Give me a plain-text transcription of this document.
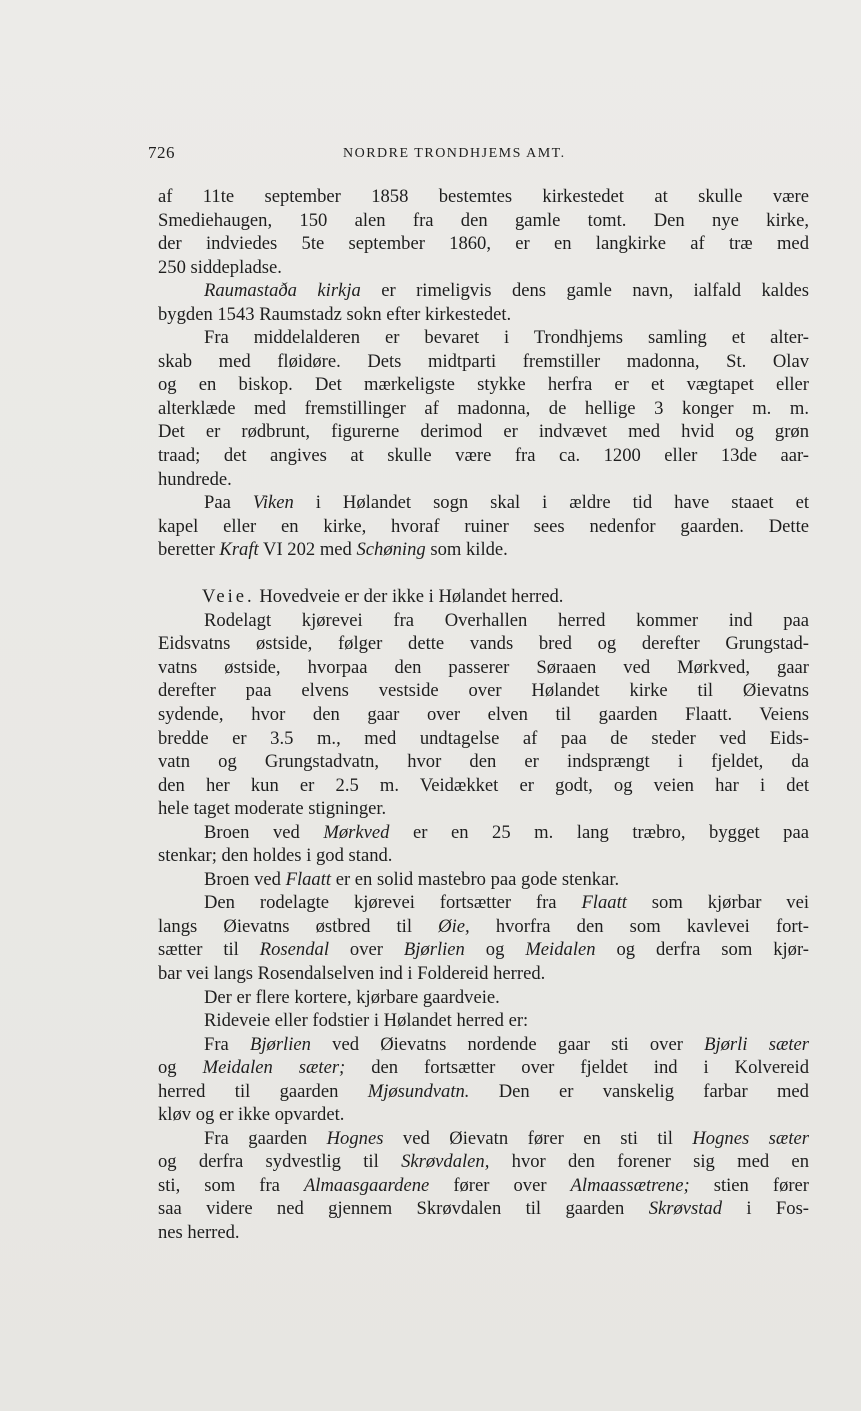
726	NORDRE TRONDHJEMS AMT.
af 11te september 1858 bestemtes kirkestedet at skulle være
Smediehaugen, 150 alen fra den gamle tomt. Den nye kirke,
der indviedes 5te september 1860, er en langkirke af træ med
250 siddepladse.
Raumastaða kirkja er rimeligvis dens gamle navn, ialfald kaldes
bygden 1543 Raumstadz sokn efter kirkestedet.
Fra middelalderen er bevaret i Trondhjems samling et alter-
skab med fløidøre. Dets midtparti fremstiller madonna, St. Olav
og en biskop. Det mærkeligste stykke herfra er et vægtapet eller
alterklæde med fremstillinger af madonna, de hellige 3 konger m. m.
Det er rødbrunt, figurerne derimod er indvævet med hvid og grøn
traad; det angives at skulle være fra ca. 1200 eller 13de aar-
hundrede.
Paa Viken i Hølandet sogn skal i ældre tid have staaet et
kapel eller en kirke, hvoraf ruiner sees nedenfor gaarden. Dette
beretter Kraft VI 202 med Schøning som kilde.
Veie. Hovedveie er der ikke i Hølandet herred.
Rodelagt kjørevei fra Overhallen herred kommer ind paa
Eidsvatns østside, følger dette vands bred og derefter Grungstad-
vatns østside, hvorpaa den passerer Søraaen ved Mørkved, gaar
derefter paa elvens vestside over Hølandet kirke til Øievatns
sydende, hvor den gaar over elven til gaarden Flaatt. Veiens
bredde er 3.5 m., med undtagelse af paa de steder ved Eids-
vatn og Grungstadvatn, hvor den er indsprængt i fjeldet, da
den her kun er 2.5 m. Veidækket er godt, og veien har i det
hele taget moderate stigninger.
Broen ved Mørkved er en 25 m. lang træbro, bygget paa
stenkar; den holdes i god stand.
Broen ved Flaatt er en solid mastebro paa gode stenkar.
Den rodelagte kjørevei fortsætter fra Flaatt som kjørbar vei
langs Øievatns østbred til Øie, hvorfra den som kavlevei fort-
sætter til Rosendal over Bjørlien og Meidalen og derfra som kjør-
bar vei langs Rosendalselven ind i Foldereid herred.
Der er flere kortere, kjørbare gaardveie.
Rideveie eller fodstier i Hølandet herred er:
Fra Bjørlien ved Øievatns nordende gaar sti over Bjørli sæter
og Meidalen sæter; den fortsætter over fjeldet ind i Kolvereid
herred til gaarden Mjøsundvatn. Den er vanskelig farbar med
kløv og er ikke opvardet.
Fra gaarden Hognes ved Øievatn fører en sti til Hognes sæter
og derfra sydvestlig til Skrøvdalen, hvor den forener sig med en
sti, som fra Almaasgaardene fører over Almaassætrene; stien fører
saa videre ned gjennem Skrøvdalen til gaarden Skrøvstad i Fos-
nes herred.
